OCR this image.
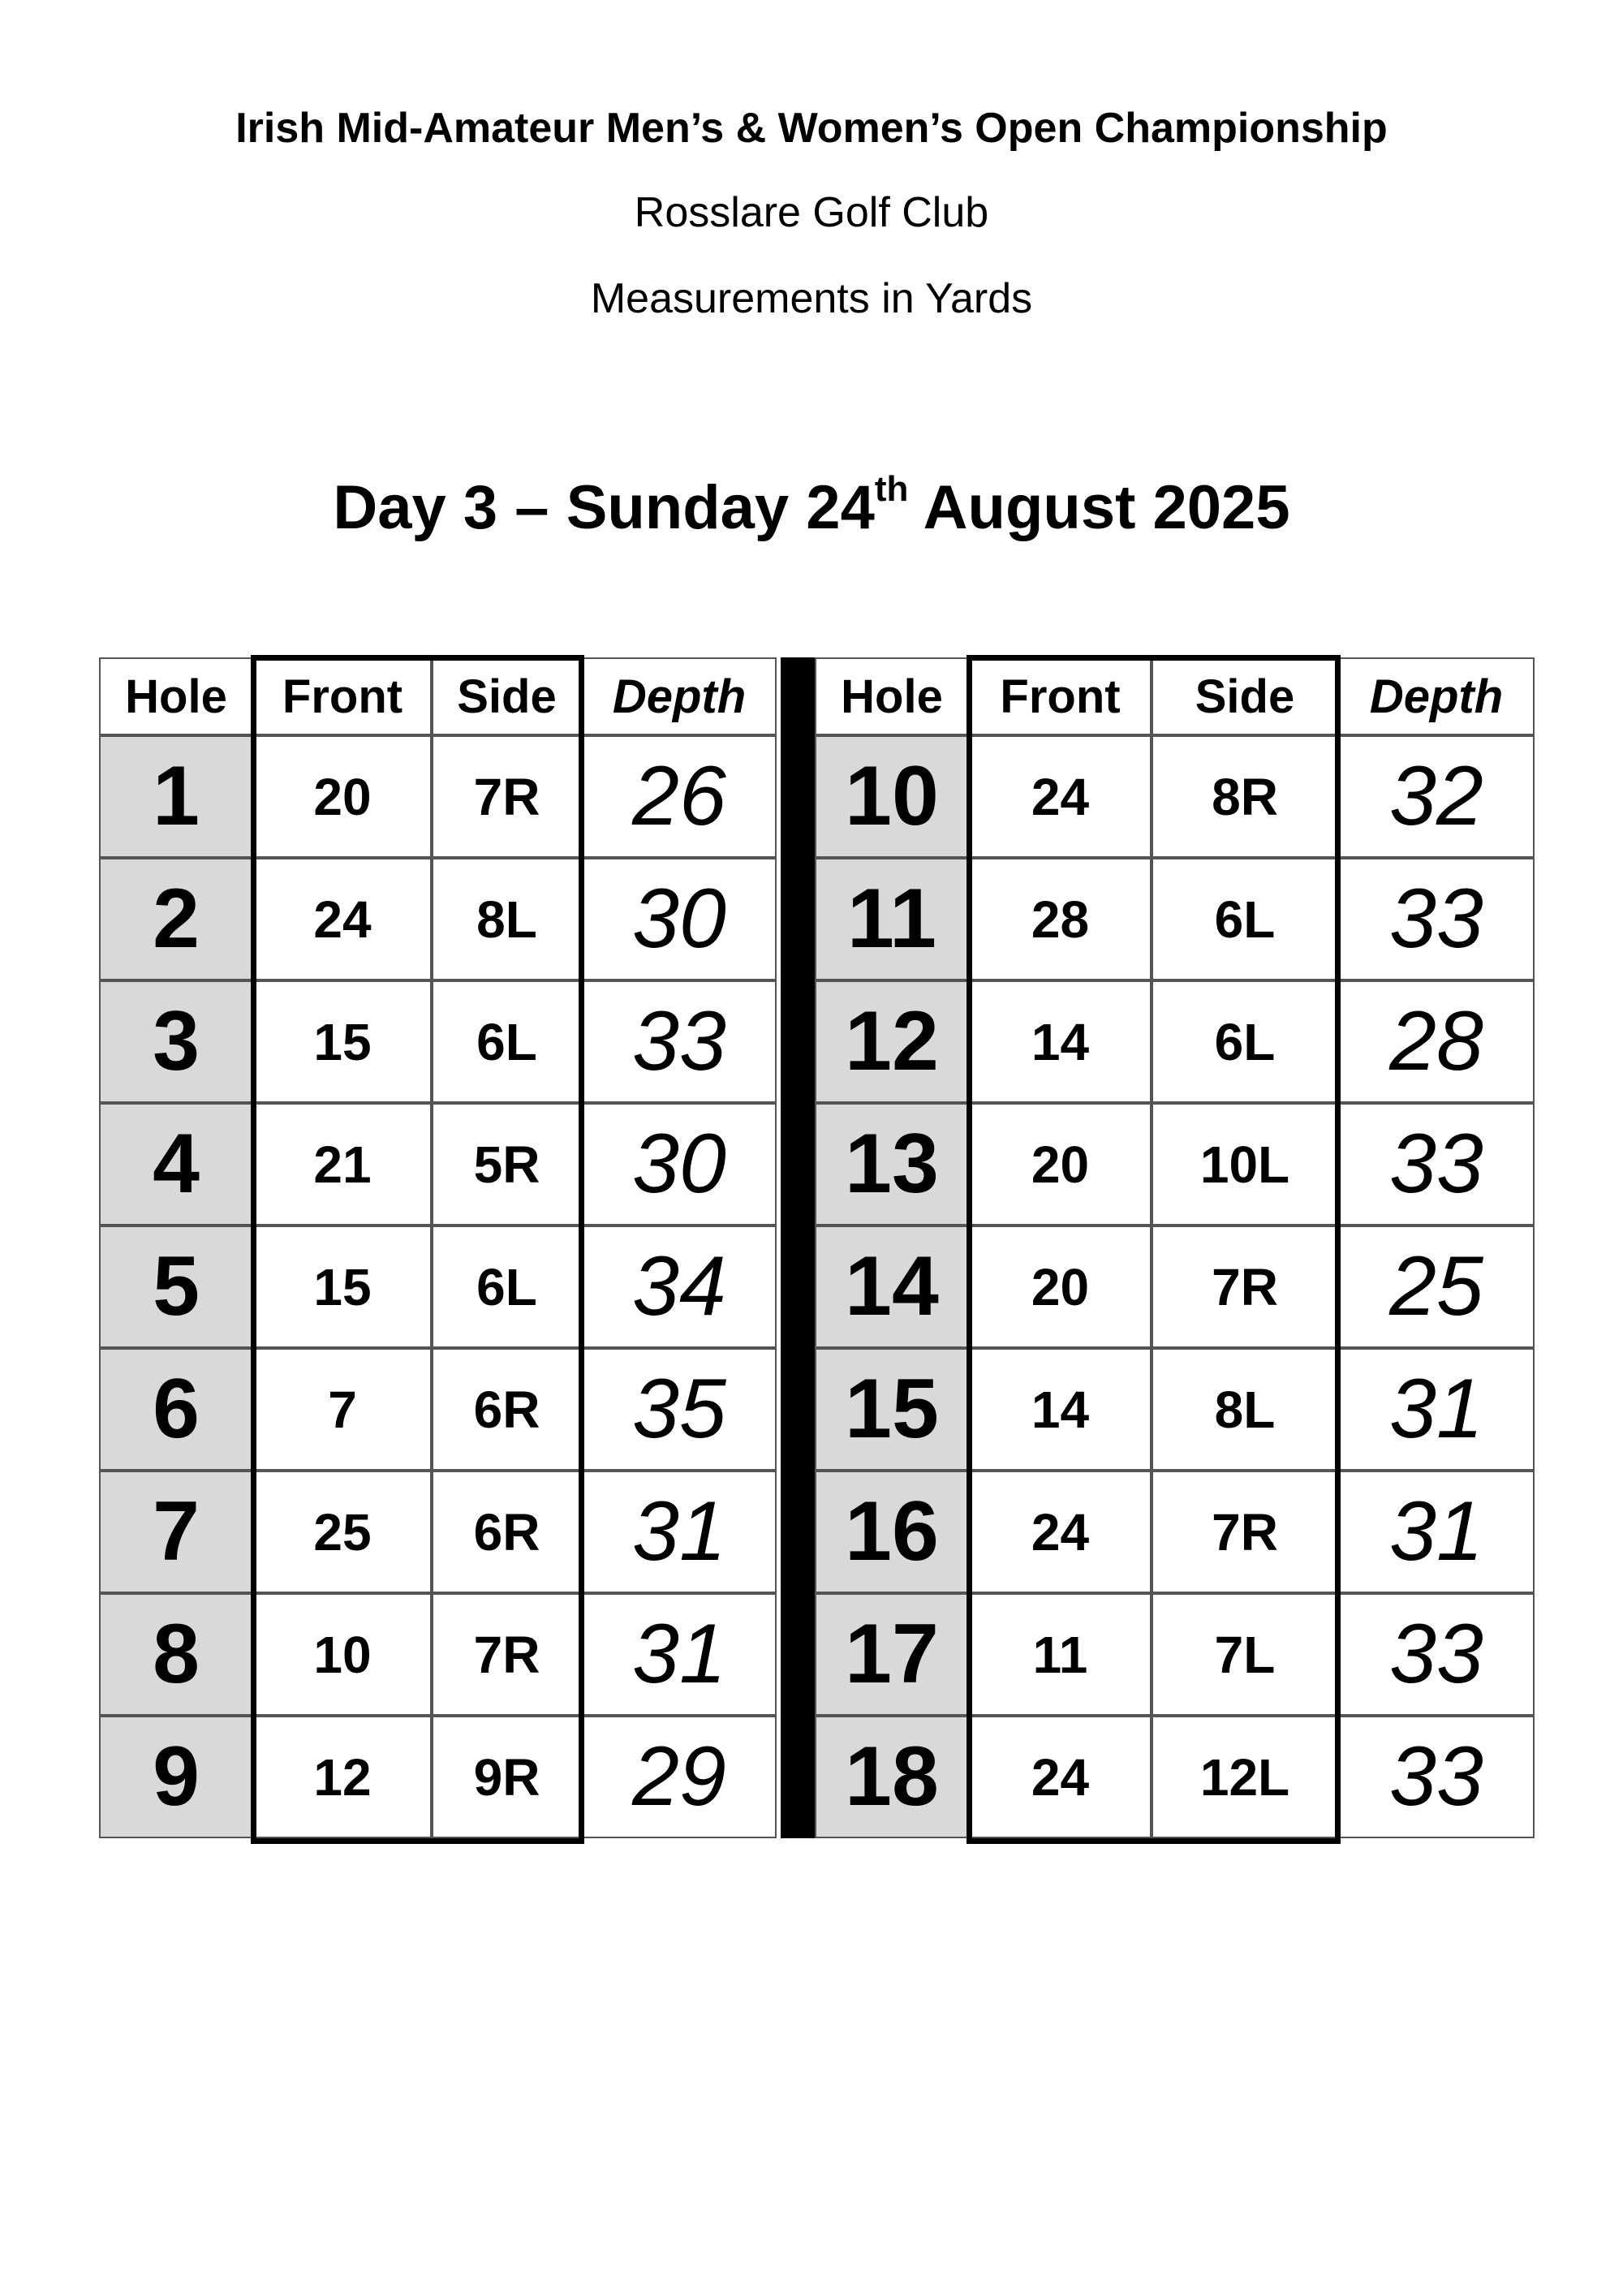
Irish Mid-Amateur Men’s & Women’s Open Championship
Rosslare Golf Club
Measurements in Yards
Day 3 – Sunday 24th August 2025
Hole	Front	Side	Depth
1	20	7R	26
2	24	8L	30
3	15	6L	33
4	21	5R	30
5	15	6L	34
6	7	6R	35
7	25	6R	31
8	10	7R	31
9	12	9R	29
Hole	Front	Side	Depth
10	24	8R	32
11	28	6L	33
12	14	6L	28
13	20	10L	33
14	20	7R	25
15	14	8L	31
16	24	7R	31
17	11	7L	33
18	24	12L	33
